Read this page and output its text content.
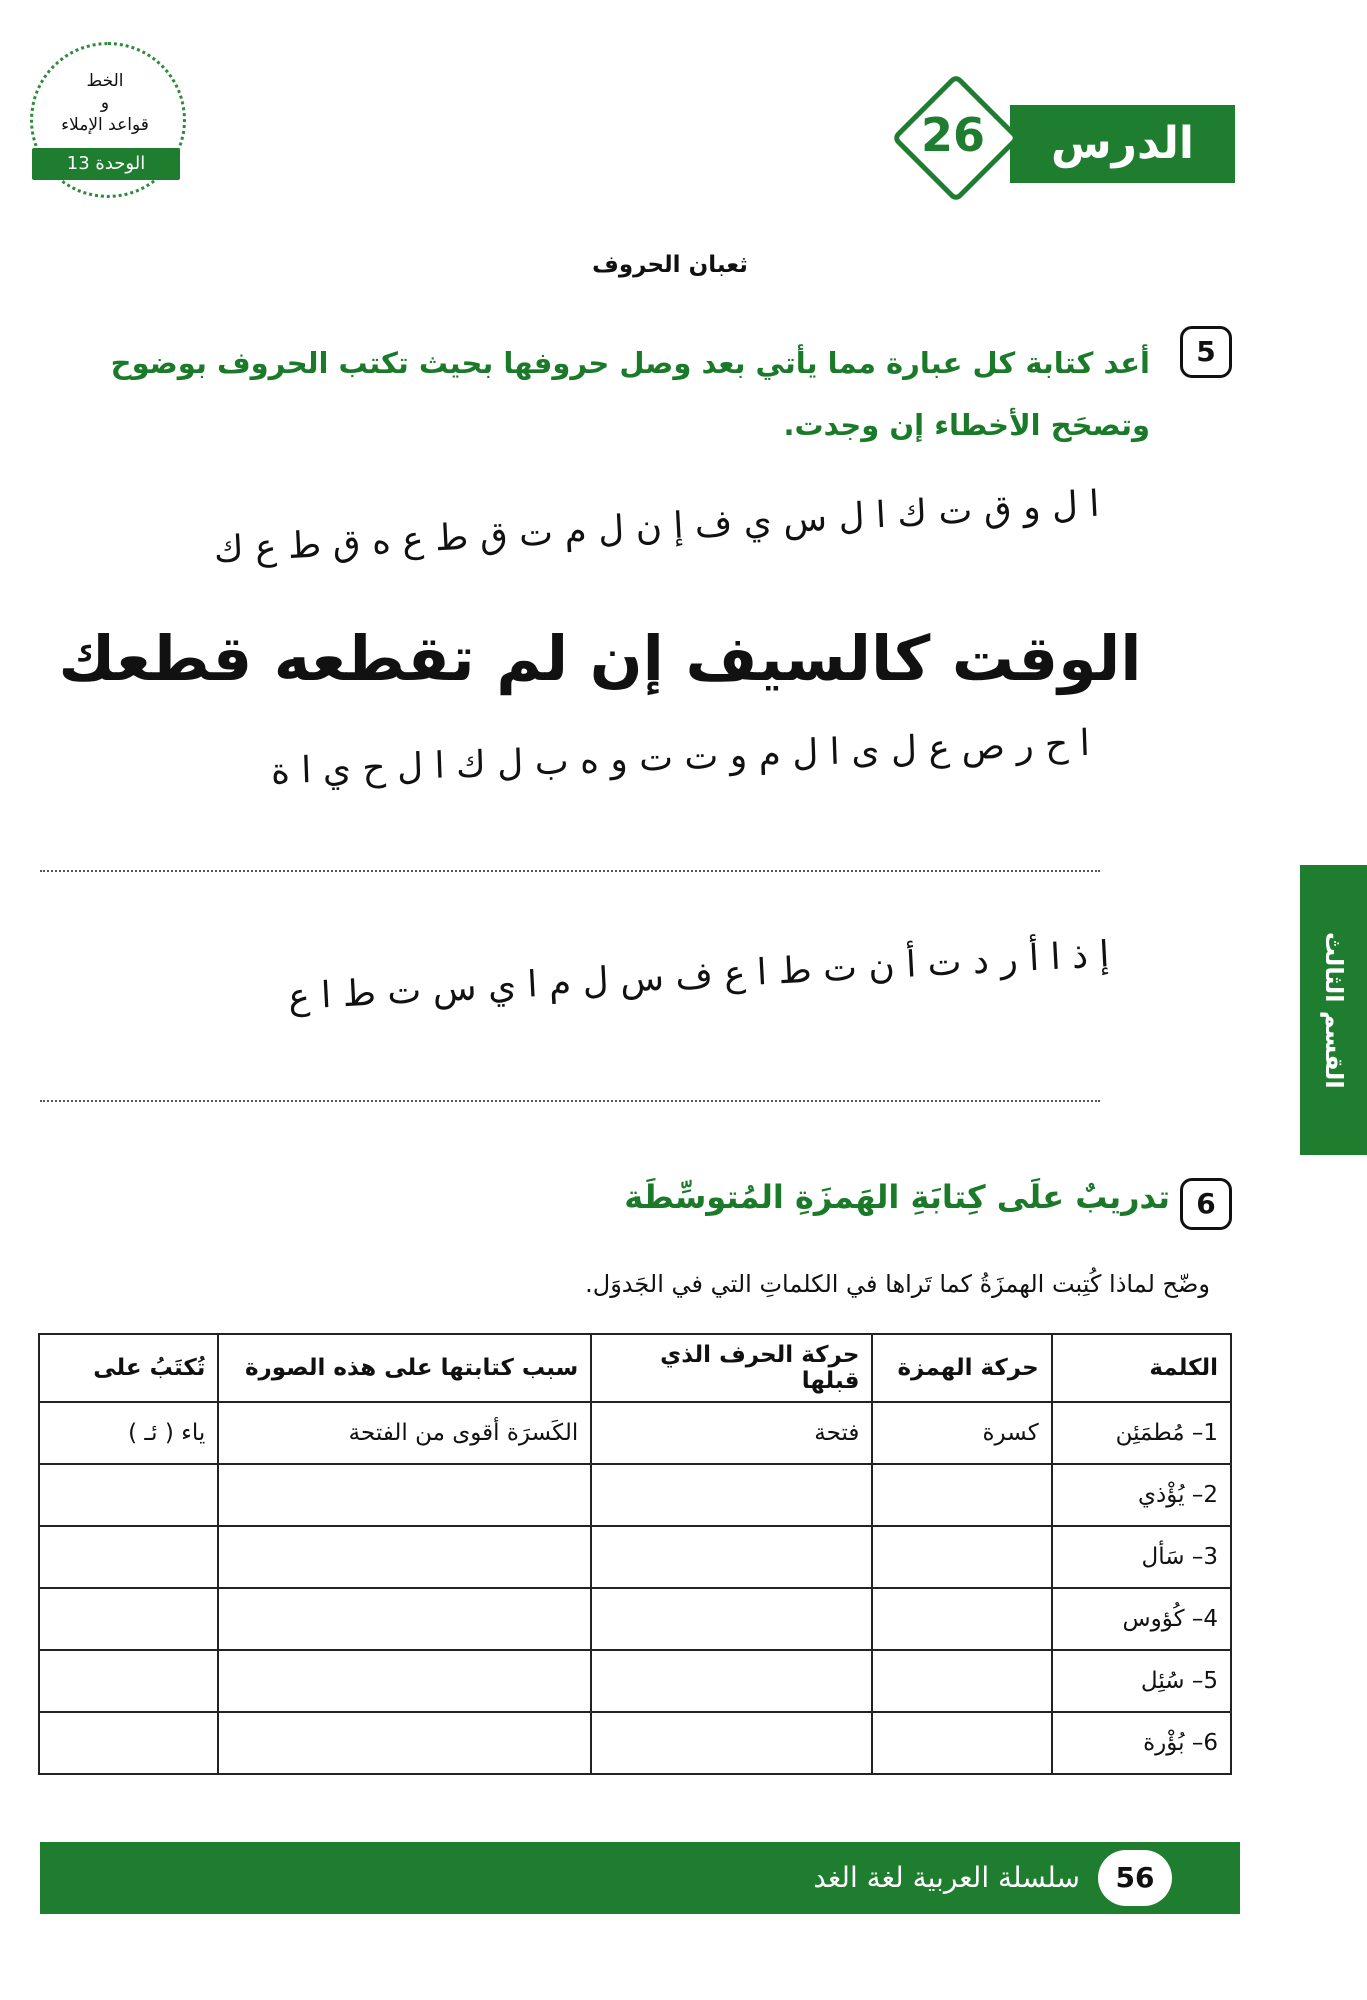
الخط
و
قواعد الإملاء
الوحدة 13	الدرس
26
ثعبان الحروف
5
أعد كتابة كل عبارة مما يأتي بعد وصل حروفها بحيث تكتب الحروف بوضوح وتصحَح الأخطاء إن وجدت.
ا ل و ق ت ك ا ل س ي ف إ ن ل م ت ق ط ع ه ق ط ع ك
الوقت كالسيف إن لم تقطعه قطعك
ا ح ر ص ع ل ى ا ل م و ت ت و ه ب ل ك ا ل ح ي ا ة
إ ذ ا أ ر د ت أ ن ت ط ا ع ف س ل م ا ي س ت ط ا ع
6
تدريبٌ علَى كِتابَةِ الهَمزَةِ المُتوسِّطَة
وضّح لماذا كُتِبت الهمزَةُ كما تَراها في الكلماتِ التي في الجَدوَل.
الكلمة	حركة الهمزة	حركة الحرف الذي قبلها	سبب كتابتها على هذه الصورة	تُكتَبُ على
1– مُطمَئِن	كسرة	فتحة	الكَسرَة أقوى من الفتحة	ياء ( ئـ )
2– يُؤْذي				
3– سَأل				
4– كُؤوس				
5– سُئِل				
6– بُؤْرة				
القسم الثالث
سلسلة العربية لغة الغد	56
